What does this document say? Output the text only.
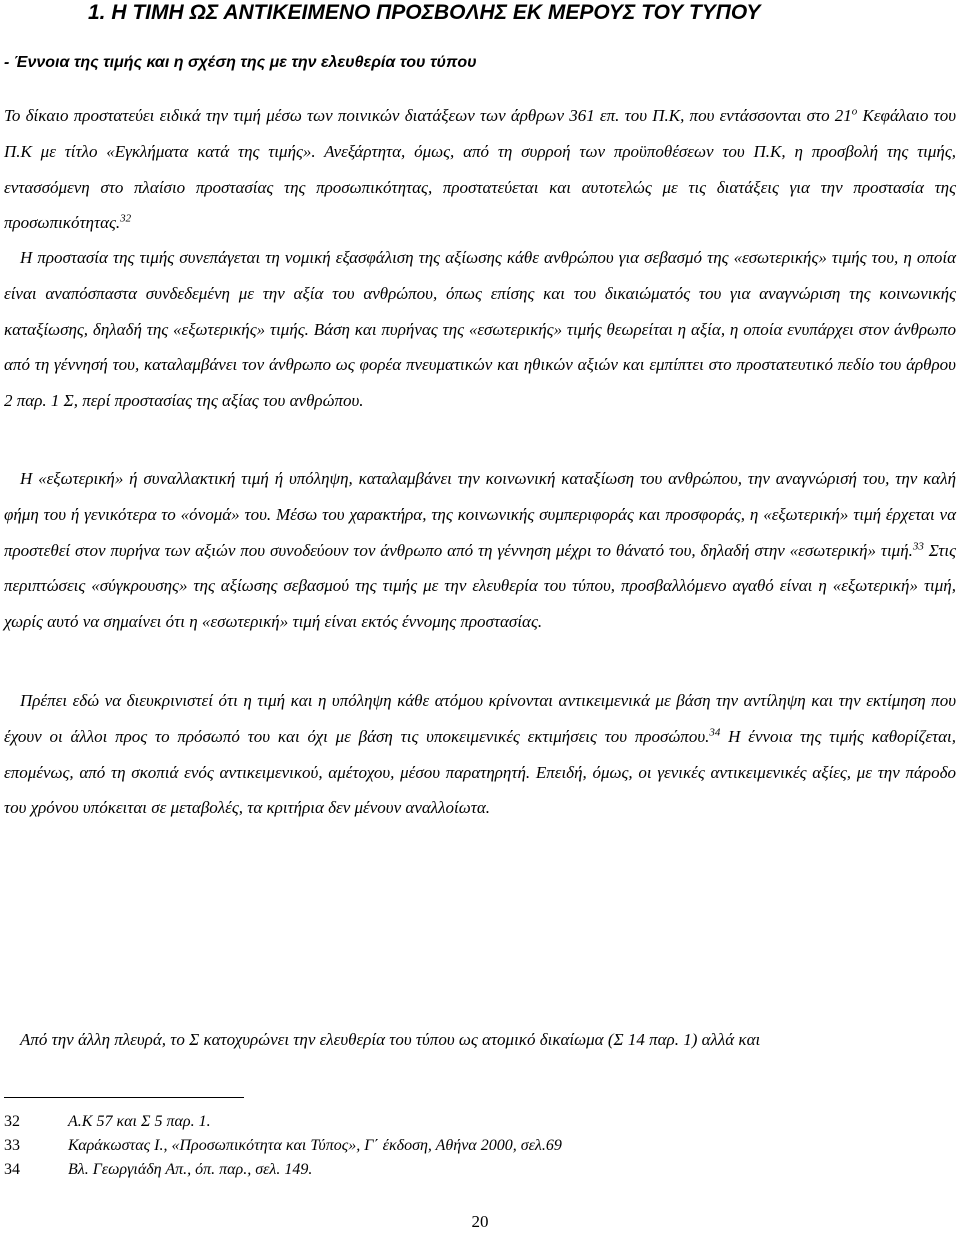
1. Η ΤΙΜΗ ΩΣ ΑΝΤΙΚΕΙΜΕΝΟ ΠΡΟΣΒΟΛΗΣ ΕΚ ΜΕΡΟΥΣ ΤΟΥ ΤΥΠΟΥ
- Έννοια της τιμής και η σχέση της με την ελευθερία του τύπου
Το δίκαιο προστατεύει ειδικά την τιμή μέσω των ποινικών διατάξεων των άρθρων 361 επ. του Π.Κ, που εντάσσονται στο $21^o$ Κεφάλαιο του Π.Κ με τίτλο «Εγκλήματα κατά της τιμής». Ανεξάρτητα, όμως, από τη συρροή των προϋποθέσεων του Π.Κ, η προσβολή της τιμής, εντασσόμενη στο πλαίσιο προστασίας της προσωπικότητας, προστατεύεται και αυτοτελώς με τις διατάξεις για την προστασία της προσωπικότητας.$^{32}$
Η προστασία της τιμής συνεπάγεται τη νομική εξασφάλιση της αξίωσης κάθε ανθρώπου για σεβασμό της «εσωτερικής» τιμής του, η οποία είναι αναπόσπαστα συνδεδεμένη με την αξία του ανθρώπου, όπως επίσης και του δικαιώματός του για αναγνώριση της κοινωνικής καταξίωσης, δηλαδή της «εξωτερικής» τιμής. Βάση και πυρήνας της «εσωτερικής» τιμής θεωρείται η αξία, η οποία ενυπάρχει στον άνθρωπο από τη γέννησή του, καταλαμβάνει τον άνθρωπο ως φορέα πνευματικών και ηθικών αξιών και εμπίπτει στο προστατευτικό πεδίο του άρθρου 2 παρ. 1 Σ, περί προστασίας της αξίας του ανθρώπου.
Η «εξωτερική» ή συναλλακτική τιμή ή υπόληψη, καταλαμβάνει την κοινωνική καταξίωση του ανθρώπου, την αναγνώρισή του, την καλή φήμη του ή γενικότερα το «όνομά» του. Μέσω του χαρακτήρα, της κοινωνικής συμπεριφοράς και προσφοράς, η «εξωτερική» τιμή έρχεται να προστεθεί στον πυρήνα των αξιών που συνοδεύουν τον άνθρωπο από τη γέννηση μέχρι το θάνατό του, δηλαδή στην «εσωτερική» τιμή.$^{33}$ Στις περιπτώσεις «σύγκρουσης» της αξίωσης σεβασμού της τιμής με την ελευθερία του τύπου, προσβαλλόμενο αγαθό είναι η «εξωτερική» τιμή, χωρίς αυτό να σημαίνει ότι η «εσωτερική» τιμή είναι εκτός έννομης προστασίας.
Πρέπει εδώ να διευκρινιστεί ότι η τιμή και η υπόληψη κάθε ατόμου κρίνονται αντικειμενικά με βάση την αντίληψη και την εκτίμηση που έχουν οι άλλοι προς το πρόσωπό του και όχι με βάση τις υποκειμενικές εκτιμήσεις του προσώπου.$^{34}$ Η έννοια της τιμής καθορίζεται, επομένως, από τη σκοπιά ενός αντικειμενικού, αμέτοχου, μέσου παρατηρητή. Επειδή, όμως, οι γενικές αντικειμενικές αξίες, με την πάροδο του χρόνου υπόκειται σε μεταβολές, τα κριτήρια δεν μένουν αναλλοίωτα.
Από την άλλη πλευρά, το Σ κατοχυρώνει την ελευθερία του τύπου ως ατομικό δικαίωμα (Σ 14 παρ. 1) αλλά και
32	Α.Κ 57 και Σ 5 παρ. 1.
33	Καράκωστας Ι., «Προσωπικότητα και Τύπος», Γ΄ έκδοση, Αθήνα 2000, σελ.69
34	Βλ. Γεωργιάδη Απ., όπ. παρ., σελ. 149.
20
